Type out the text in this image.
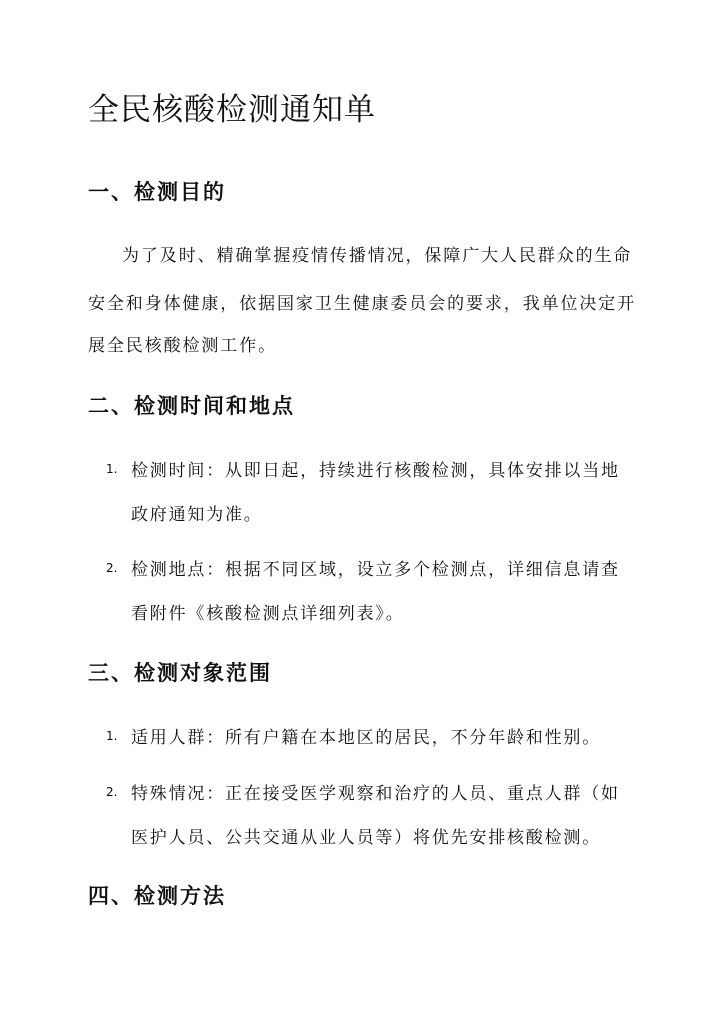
全民核酸检测通知单
一、检测目的

为了及时、精确掌握疫情传播情况，保障广大人民群众的生命

安全和身体健康，依据国家卫生健康委员会的要求，我单位决定开

展全民核酸检测工作。

二、检测时间和地点
1. 检测时间：从即日起，持续进行核酸检测，具体安排以当地

政府通知为准。

2. 检测地点：根据不同区域，设立多个检测点，详细信息请查

看附件《核酸检测点详细列表》。

三、检测对象范围
1. 适用人群：所有户籍在本地区的居民，不分年龄和性别。

2. 特殊情况：正在接受医学观察和治疗的人员、重点人群（如

医护人员、公共交通从业人员等）将优先安排核酸检测。

四、检测方法
